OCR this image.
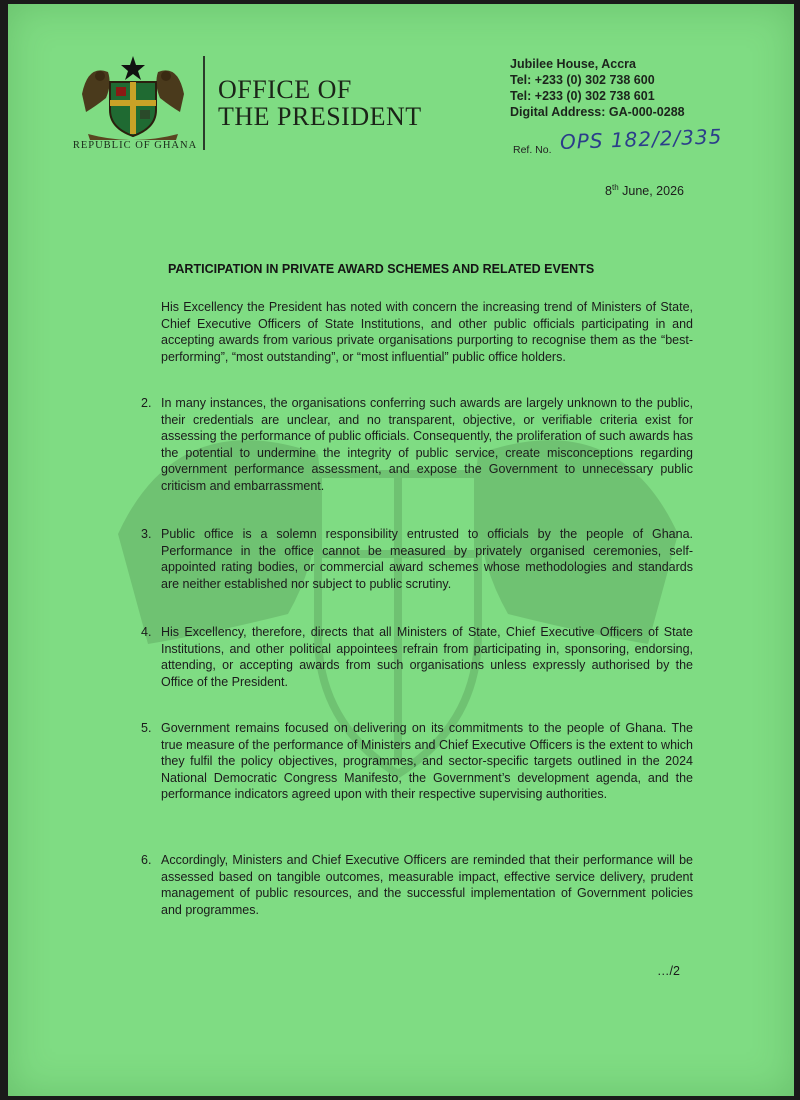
REPUBLIC OF GHANA
OFFICE OF
THE PRESIDENT
Jubilee House, Accra
Tel: +233 (0) 302 738 600
Tel: +233 (0) 302 738 601
Digital Address: GA-000-0288
Ref. No. OPS 182/2/335
8th June, 2026
PARTICIPATION IN PRIVATE AWARD SCHEMES AND RELATED EVENTS
His Excellency the President has noted with concern the increasing trend of Ministers of State, Chief Executive Officers of State Institutions, and other public officials participating in and accepting awards from various private organisations purporting to recognise them as the “best-performing”, “most outstanding”, or “most influential” public office holders.
2. In many instances, the organisations conferring such awards are largely unknown to the public, their credentials are unclear, and no transparent, objective, or verifiable criteria exist for assessing the performance of public officials. Consequently, the proliferation of such awards has the potential to undermine the integrity of public service, create misconceptions regarding government performance assessment, and expose the Government to unnecessary public criticism and embarrassment.
3. Public office is a solemn responsibility entrusted to officials by the people of Ghana. Performance in the office cannot be measured by privately organised ceremonies, self-appointed rating bodies, or commercial award schemes whose methodologies and standards are neither established nor subject to public scrutiny.
4. His Excellency, therefore, directs that all Ministers of State, Chief Executive Officers of State Institutions, and other political appointees refrain from participating in, sponsoring, endorsing, attending, or accepting awards from such organisations unless expressly authorised by the Office of the President.
5. Government remains focused on delivering on its commitments to the people of Ghana. The true measure of the performance of Ministers and Chief Executive Officers is the extent to which they fulfil the policy objectives, programmes, and sector-specific targets outlined in the 2024 National Democratic Congress Manifesto, the Government’s development agenda, and the performance indicators agreed upon with their respective supervising authorities.
6. Accordingly, Ministers and Chief Executive Officers are reminded that their performance will be assessed based on tangible outcomes, measurable impact, effective service delivery, prudent management of public resources, and the successful implementation of Government policies and programmes.
…/2
